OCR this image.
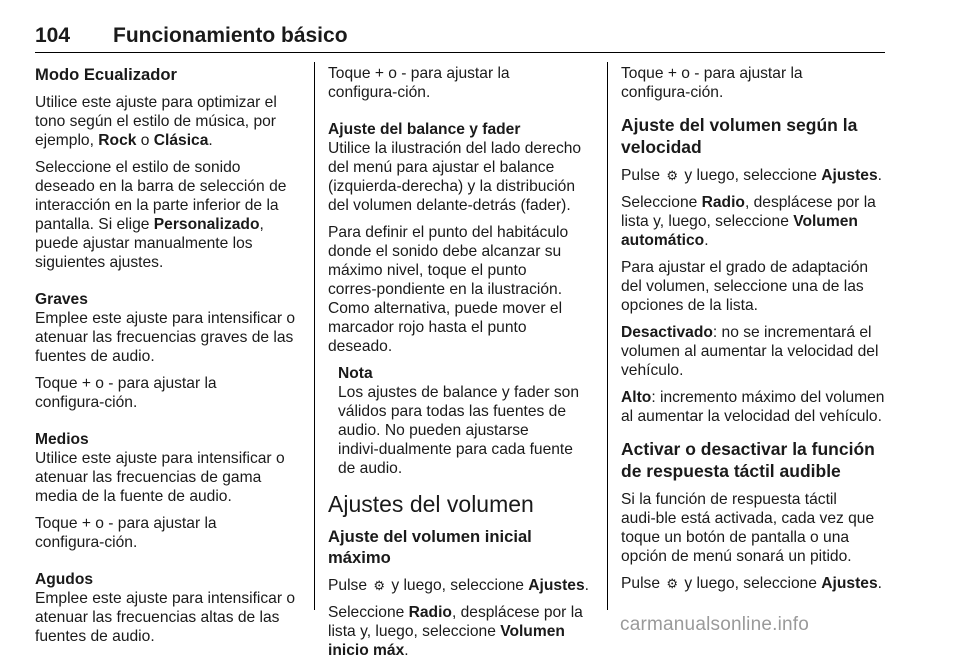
104 Funcionamiento básico
Modo Ecualizador

Utilice este ajuste para optimizar el tono según el estilo de música, por ejemplo, Rock o Clásica.

Seleccione el estilo de sonido deseado en la barra de selección de interacción en la parte inferior de la pantalla. Si elige Personalizado, puede ajustar manualmente los siguientes ajustes.

Graves
Emplee este ajuste para intensificar o atenuar las frecuencias graves de las fuentes de audio.

Toque + o - para ajustar la configura‑ción.

Medios
Utilice este ajuste para intensificar o atenuar las frecuencias de gama media de la fuente de audio.

Toque + o - para ajustar la configura‑ción.

Agudos
Emplee este ajuste para intensificar o atenuar las frecuencias altas de las fuentes de audio.

Toque + o - para ajustar la configura‑ción.

Ajuste del balance y fader
Utilice la ilustración del lado derecho del menú para ajustar el balance (izquierda-derecha) y la distribución del volumen delante-detrás (fader).

Para definir el punto del habitáculo donde el sonido debe alcanzar su máximo nivel, toque el punto corres‑pondiente en la ilustración. Como alternativa, puede mover el marcador rojo hasta el punto deseado.

Nota
Los ajustes de balance y fader son válidos para todas las fuentes de audio. No pueden ajustarse indivi‑dualmente para cada fuente de audio.
Ajustes del volumen
Ajuste del volumen inicial máximo

Pulse ⚙ y luego, seleccione Ajustes.

Seleccione Radio, desplácese por la lista y, luego, seleccione Volumen inicio máx.

Toque + o - para ajustar la configura‑ción.

Ajuste del volumen según la velocidad

Pulse ⚙ y luego, seleccione Ajustes.

Seleccione Radio, desplácese por la lista y, luego, seleccione Volumen automático.

Para ajustar el grado de adaptación del volumen, seleccione una de las opciones de la lista.

Desactivado: no se incrementará el volumen al aumentar la velocidad del vehículo.

Alto: incremento máximo del volumen al aumentar la velocidad del vehículo.

Activar o desactivar la función de respuesta táctil audible

Si la función de respuesta táctil audi‑ble está activada, cada vez que toque un botón de pantalla o una opción de menú sonará un pitido.

Pulse ⚙ y luego, seleccione Ajustes.

carmanualsonline.info
